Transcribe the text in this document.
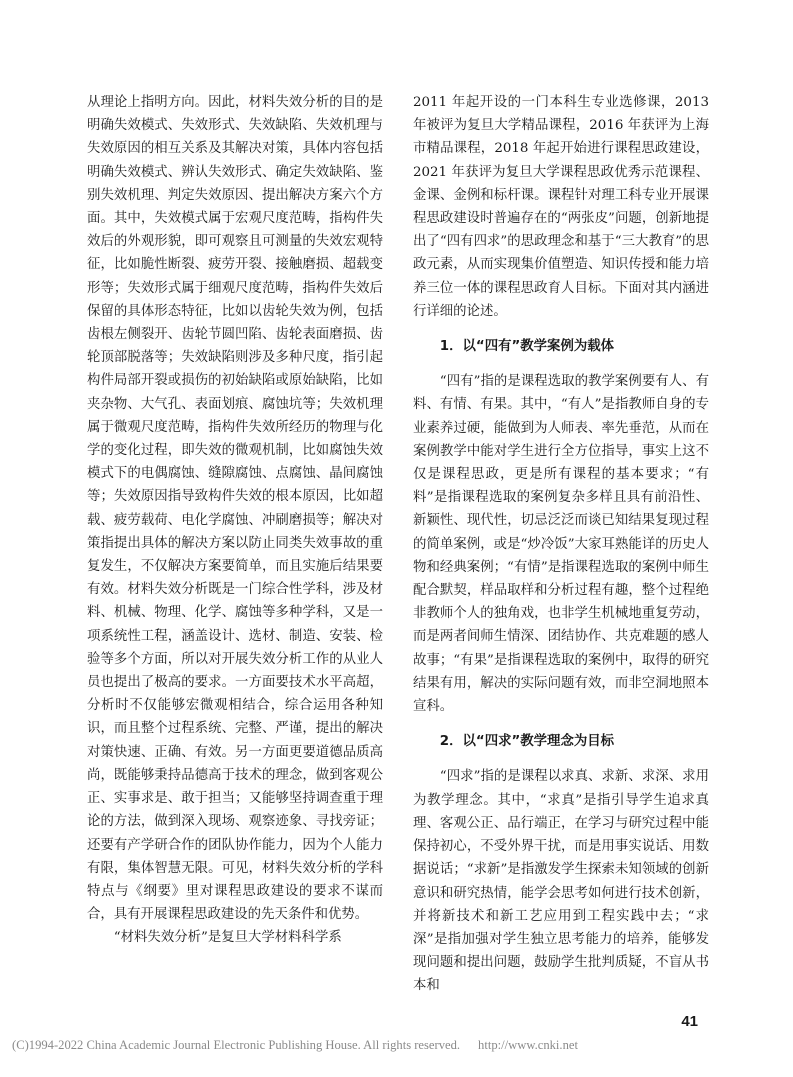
从理论上指明方向。因此，材料失效分析的目的是明确失效模式、失效形式、失效缺陷、失效机理与失效原因的相互关系及其解决对策，具体内容包括明确失效模式、辨认失效形式、确定失效缺陷、鉴别失效机理、判定失效原因、提出解决方案六个方面。其中，失效模式属于宏观尺度范畴，指构件失效后的外观形貌，即可观察且可测量的失效宏观特征，比如脆性断裂、疲劳开裂、接触磨损、超载变形等；失效形式属于细观尺度范畴，指构件失效后保留的具体形态特征，比如以齿轮失效为例，包括齿根左侧裂开、齿轮节圆凹陷、齿轮表面磨损、齿轮顶部脱落等；失效缺陷则涉及多种尺度，指引起构件局部开裂或损伤的初始缺陷或原始缺陷，比如夹杂物、大气孔、表面划痕、腐蚀坑等；失效机理属于微观尺度范畴，指构件失效所经历的物理与化学的变化过程，即失效的微观机制，比如腐蚀失效模式下的电偶腐蚀、缝隙腐蚀、点腐蚀、晶间腐蚀等；失效原因指导致构件失效的根本原因，比如超载、疲劳载荷、电化学腐蚀、冲刷磨损等；解决对策指提出具体的解决方案以防止同类失效事故的重复发生，不仅解决方案要简单，而且实施后结果要有效。材料失效分析既是一门综合性学科，涉及材料、机械、物理、化学、腐蚀等多种学科，又是一项系统性工程，涵盖设计、选材、制造、安装、检验等多个方面，所以对开展失效分析工作的从业人员也提出了极高的要求。一方面要技术水平高超，分析时不仅能够宏微观相结合，综合运用各种知识，而且整个过程系统、完整、严谨，提出的解决对策快速、正确、有效。另一方面更要道德品质高尚，既能够秉持品德高于技术的理念，做到客观公正、实事求是、敢于担当；又能够坚持调查重于理论的方法，做到深入现场、观察迹象、寻找旁证；还要有产学研合作的团队协作能力，因为个人能力有限，集体智慧无限。可见，材料失效分析的学科特点与《纲要》里对课程思政建设的要求不谋而合，具有开展课程思政建设的先天条件和优势。

“材料失效分析”是复旦大学材料科学系

2011 年起开设的一门本科生专业选修课，2013 年被评为复旦大学精品课程，2016 年获评为上海市精品课程，2018 年起开始进行课程思政建设，2021 年获评为复旦大学课程思政优秀示范课程、金课、金例和标杆课。课程针对理工科专业开展课程思政建设时普遍存在的“两张皮”问题，创新地提出了“四有四求”的思政理念和基于“三大教育”的思政元素，从而实现集价值塑造、知识传授和能力培养三位一体的课程思政育人目标。下面对其内涵进行详细的论述。

1．以“四有”教学案例为载体

“四有”指的是课程选取的教学案例要有人、有料、有情、有果。其中，“有人”是指教师自身的专业素养过硬，能做到为人师表、率先垂范，从而在案例教学中能对学生进行全方位指导，事实上这不仅是课程思政，更是所有课程的基本要求；“有料”是指课程选取的案例复杂多样且具有前沿性、新颖性、现代性，切忌泛泛而谈已知结果复现过程的简单案例，或是“炒冷饭”大家耳熟能详的历史人物和经典案例；“有情”是指课程选取的案例中师生配合默契，样品取样和分析过程有趣，整个过程绝非教师个人的独角戏，也非学生机械地重复劳动，而是两者间师生情深、团结协作、共克难题的感人故事；“有果”是指课程选取的案例中，取得的研究结果有用，解决的实际问题有效，而非空洞地照本宣科。

2．以“四求”教学理念为目标

“四求”指的是课程以求真、求新、求深、求用为教学理念。其中，“求真”是指引导学生追求真理、客观公正、品行端正，在学习与研究过程中能保持初心，不受外界干扰，而是用事实说话、用数据说话；“求新”是指激发学生探索未知领域的创新意识和研究热情，能学会思考如何进行技术创新，并将新技术和新工艺应用到工程实践中去；“求深”是指加强对学生独立思考能力的培养，能够发现问题和提出问题，鼓励学生批判质疑，不盲从书本和

41
(C)1994-2022 China Academic Journal Electronic Publishing House. All rights reserved. http://www.cnki.net
